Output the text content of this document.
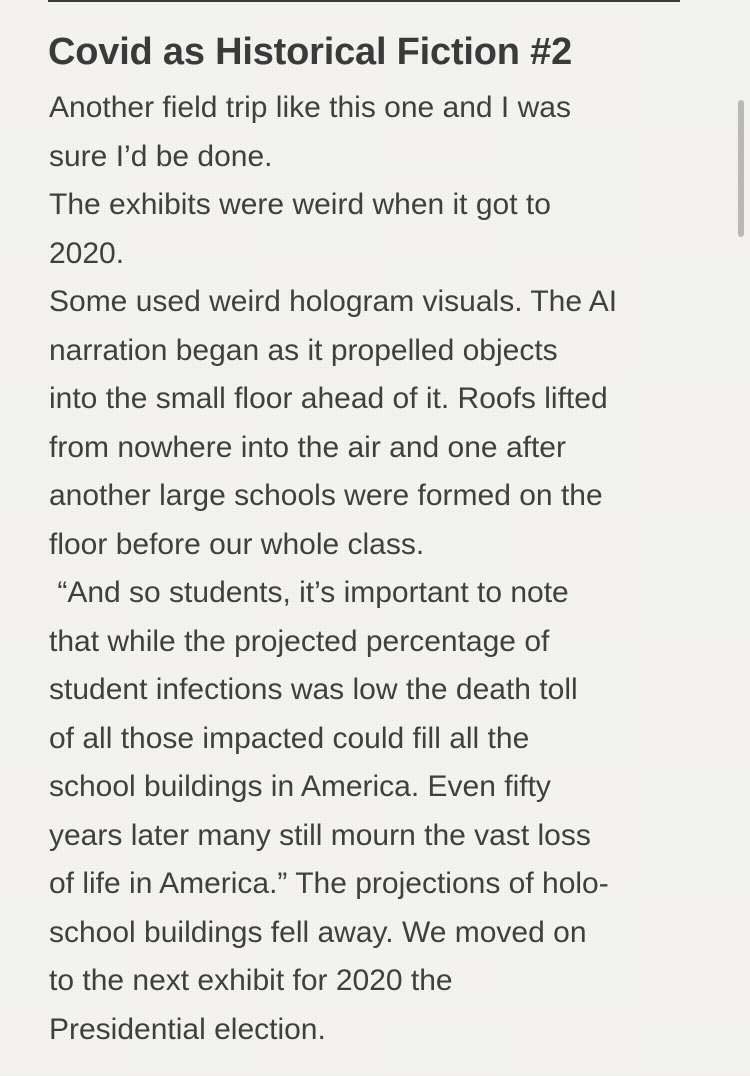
Covid as Historical Fiction #2
Another field trip like this one and I was
sure I’d be done.
The exhibits were weird when it got to
2020.
Some used weird hologram visuals. The AI
narration began as it propelled objects
into the small floor ahead of it. Roofs lifted
from nowhere into the air and one after
another large schools were formed on the
floor before our whole class.
“And so students, it’s important to note
that while the projected percentage of
student infections was low the death toll
of all those impacted could fill all the
school buildings in America. Even fifty
years later many still mourn the vast loss
of life in America.” The projections of holo-
school buildings fell away. We moved on
to the next exhibit for 2020 the
Presidential election.
